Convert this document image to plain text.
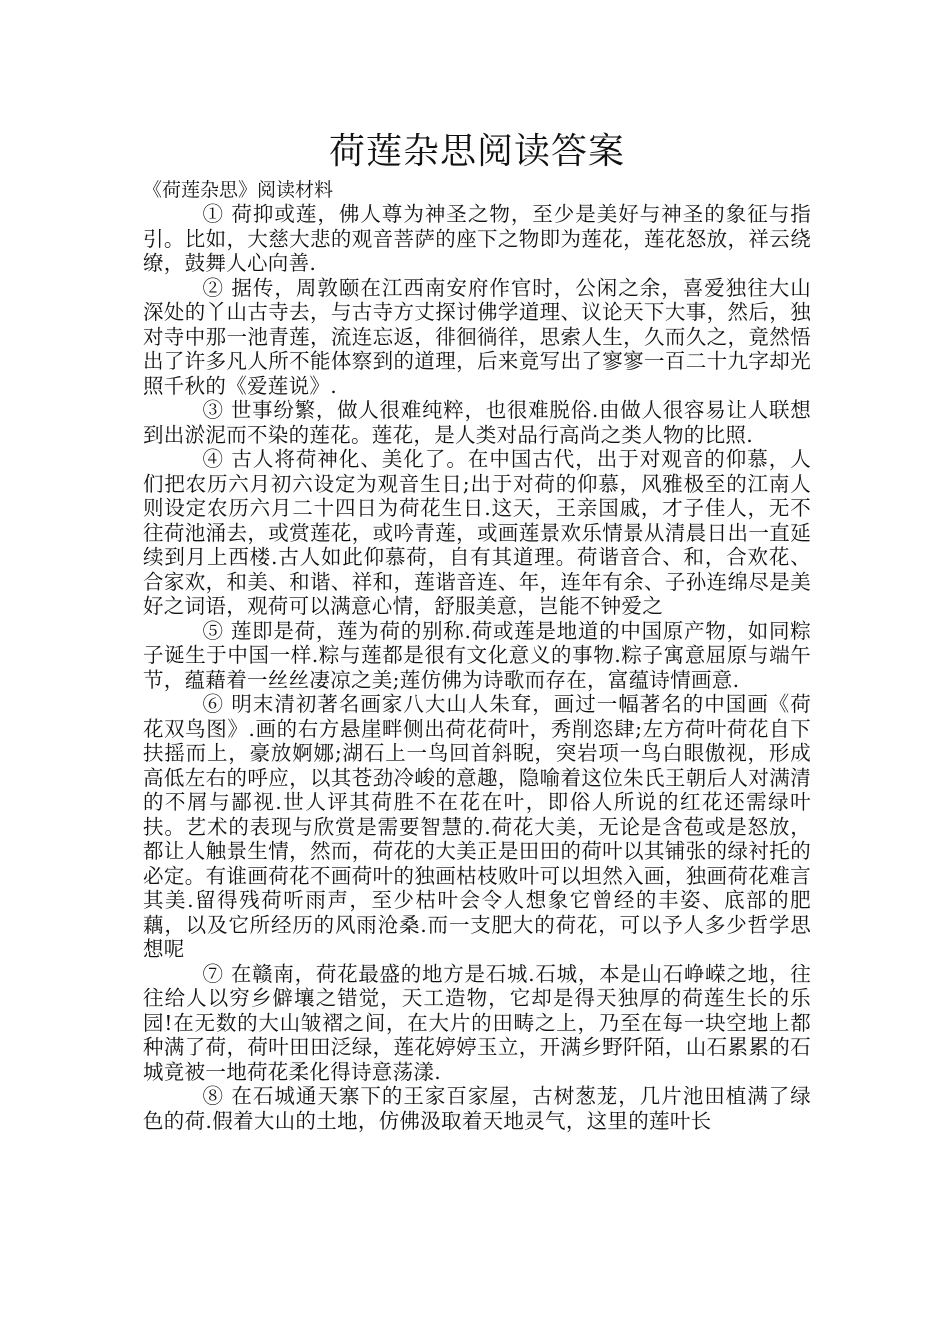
荷莲杂思阅读答案

《荷莲杂思》阅读材料

① 荷抑或莲，佛人尊为神圣之物，至少是美好与神圣的象征与指引。比如，大慈大悲的观音菩萨的座下之物即为莲花，莲花怒放，祥云绕缭，鼓舞人心向善.

② 据传，周敦颐在江西南安府作官时，公闲之余，喜爱独往大山深处的丫山古寺去，与古寺方丈探讨佛学道理、议论天下大事，然后，独对寺中那一池青莲，流连忘返，徘徊徜徉，思索人生，久而久之，竟然悟出了许多凡人所不能体察到的道理，后来竟写出了寥寥一百二十九字却光照千秋的《爱莲说》.

③ 世事纷繁，做人很难纯粹，也很难脱俗.由做人很容易让人联想到出淤泥而不染的莲花。莲花，是人类对品行高尚之类人物的比照.

④ 古人将荷神化、美化了。在中国古代，出于对观音的仰慕，人们把农历六月初六设定为观音生日;出于对荷的仰慕，风雅极至的江南人则设定农历六月二十四日为荷花生日.这天，王亲国戚，才子佳人，无不往荷池涌去，或赏莲花，或吟青莲，或画莲景欢乐情景从清晨日出一直延续到月上西楼.古人如此仰慕荷，自有其道理。荷谐音合、和，合欢花、合家欢，和美、和谐、祥和，莲谐音连、年，连年有余、子孙连绵尽是美好之词语，观荷可以满意心情，舒服美意，岂能不钟爱之

⑤ 莲即是荷，莲为荷的别称.荷或莲是地道的中国原产物，如同粽子诞生于中国一样.粽与莲都是很有文化意义的事物.粽子寓意屈原与端午节，蕴藉着一丝丝凄凉之美;莲仿佛为诗歌而存在，富蕴诗情画意.

⑥ 明末清初著名画家八大山人朱耷，画过一幅著名的中国画《荷花双鸟图》.画的右方悬崖畔侧出荷花荷叶，秀削恣肆;左方荷叶荷花自下扶摇而上，豪放婀娜;湖石上一鸟回首斜睨，突岩项一鸟白眼傲视，形成高低左右的呼应，以其苍劲冷峻的意趣，隐喻着这位朱氏王朝后人对满清的不屑与鄙视.世人评其荷胜不在花在叶，即俗人所说的红花还需绿叶扶。艺术的表现与欣赏是需要智慧的.荷花大美，无论是含苞或是怒放，都让人触景生情，然而，荷花的大美正是田田的荷叶以其铺张的绿衬托的必定。有谁画荷花不画荷叶的独画枯枝败叶可以坦然入画，独画荷花难言其美.留得残荷听雨声，至少枯叶会令人想象它曾经的丰姿、底部的肥藕，以及它所经历的风雨沧桑.而一支肥大的荷花，可以予人多少哲学思想呢

⑦ 在赣南，荷花最盛的地方是石城.石城，本是山石峥嵘之地，往往给人以穷乡僻壤之错觉，天工造物，它却是得天独厚的荷莲生长的乐园!在无数的大山皱褶之间，在大片的田畴之上，乃至在每一块空地上都种满了荷，荷叶田田泛绿，莲花婷婷玉立，开满乡野阡陌，山石累累的石城竟被一地荷花柔化得诗意荡漾.

⑧ 在石城通天寨下的王家百家屋，古树葱茏，几片池田植满了绿色的荷.假着大山的土地，仿佛汲取着天地灵气，这里的莲叶长
